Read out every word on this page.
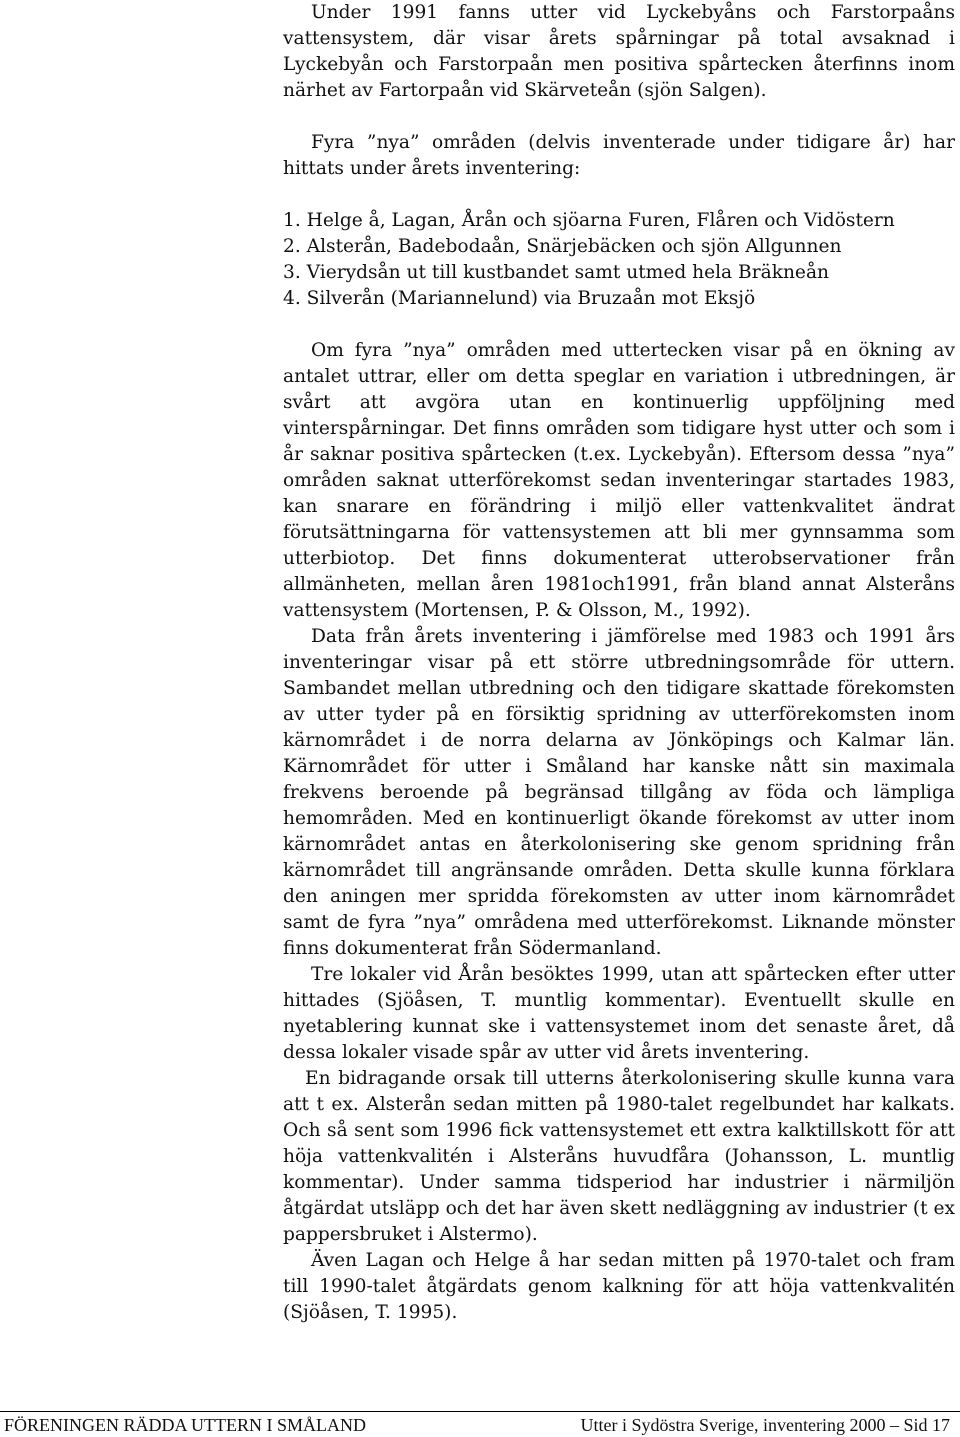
Under 1991 fanns utter vid Lyckebyåns och Farstorpaåns vattensystem, där visar årets spårningar på total avsaknad i Lyckebyån och Farstorpaån men positiva spårtecken återfinns inom närhet av Fartorpaån vid Skärveteån (sjön Salgen).

Fyra ”nya” områden (delvis inventerade under tidigare år) har hittats under årets inventering:

1. Helge å, Lagan, Årån och sjöarna Furen, Flåren och Vidöstern
2. Alsterån, Badebodaån, Snärjebäcken och sjön Allgunnen
3. Vierydsån ut till kustbandet samt utmed hela Bräkneån
4. Silverån (Mariannelund) via Bruzaån mot Eksjö

Om fyra ”nya” områden med uttertecken visar på en ökning av antalet uttrar, eller om detta speglar en variation i utbredningen, är svårt att avgöra utan en kontinuerlig uppföljning med vinterspårningar. Det finns områden som tidigare hyst utter och som i år saknar positiva spårtecken (t.ex. Lyckebyån). Eftersom dessa ”nya” områden saknat utterförekomst sedan inventeringar startades 1983, kan snarare en förändring i miljö eller vattenkvalitet ändrat förutsättningarna för vattensystemen att bli mer gynnsamma som utterbiotop. Det finns dokumenterat utterobservationer från allmänheten, mellan åren 1981och1991, från bland annat Alsteråns vattensystem (Mortensen, P. & Olsson, M., 1992).

Data från årets inventering i jämförelse med 1983 och 1991 års inventeringar visar på ett större utbredningsområde för uttern. Sambandet mellan utbredning och den tidigare skattade förekomsten av utter tyder på en försiktig spridning av utterförekomsten inom kärnområdet i de norra delarna av Jönköpings och Kalmar län. Kärnområdet för utter i Småland har kanske nått sin maximala frekvens beroende på begränsad tillgång av föda och lämpliga hemområden. Med en kontinuerligt ökande förekomst av utter inom kärnområdet antas en återkolonisering ske genom spridning från kärnområdet till angränsande områden. Detta skulle kunna förklara den aningen mer spridda förekomsten av utter inom kärnområdet samt de fyra ”nya” områdena med utterförekomst. Liknande mönster finns dokumenterat från Södermanland.

Tre lokaler vid Årån besöktes 1999, utan att spårtecken efter utter hittades (Sjöåsen, T. muntlig kommentar). Eventuellt skulle en nyetablering kunnat ske i vattensystemet inom det senaste året, då dessa lokaler visade spår av utter vid årets inventering.

En bidragande orsak till utterns återkolonisering skulle kunna vara att t ex. Alsterån sedan mitten på 1980-talet regelbundet har kalkats. Och så sent som 1996 fick vattensystemet ett extra kalktillskott för att höja vattenkvalitén i Alsteråns huvudfåra (Johansson, L. muntlig kommentar). Under samma tidsperiod har industrier i närmiljön åtgärdat utsläpp och det har även skett nedläggning av industrier (t ex pappersbruket i Alstermo).

Även Lagan och Helge å har sedan mitten på 1970-talet och fram till 1990-talet åtgärdats genom kalkning för att höja vattenkvalitén (Sjöåsen, T. 1995).

FÖRENINGEN RÄDDA UTTERN I SMÅLAND	Utter i Sydöstra Sverige, inventering 2000 – Sid 17
